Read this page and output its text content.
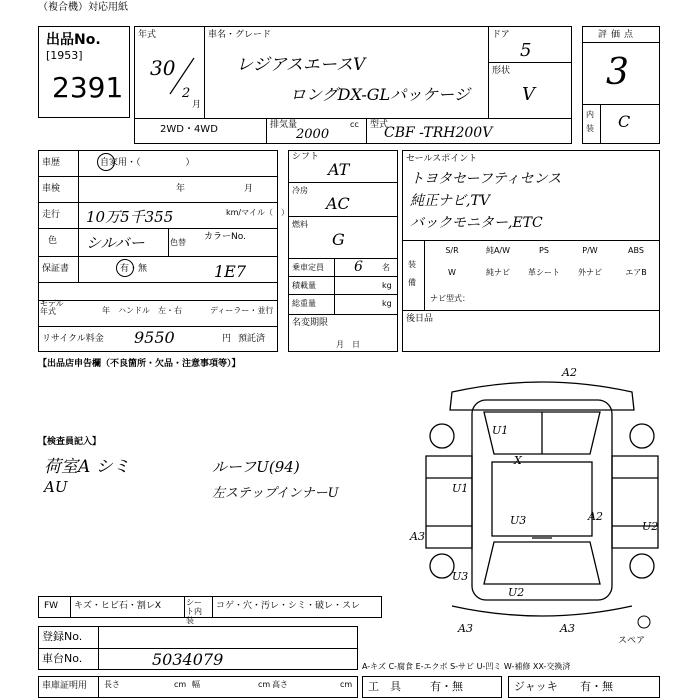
（複合機）対応用紙
出品No.
[1953]
2391
年式
30
2
月
車名・グレード
レジアスエースV
ロングDX-GLパッケージ
ドア
5
形状
V
2WD・4WD	排気量
2000
cc 型式
CBF -TRH200V
評価点
3
内装 C
車歴	自家用・（　　　　　）
車検	年	月
走行 10万5千355	km/マイル（　）
色 シルバー	色替
カラーNo.
1E7
保証書	有・無
モデル年式	年 ハンドル　左・右	ディーラー・並行
リサイクル料金 9550	円 預託済
シフト
AT
冷房
AC
燃料
G
乗車定員 6 名
積載量	kg
総重量	kg
名変期限
月　日
セールスポイント
トヨタセーフティセンス
純正ナビ,TV
バックモニター,ETC
装備
S/R	純A/W	PS	P/W	ABS
W	純ナビ	革シート	外ナビ	エアB
ナビ型式：
後日品
【出品店申告欄（不良箇所・欠品・注意事項等）】
【検査員記入】
荷室A シミ	ルーフU(94)
AU	左ステップインナーU
A2
U1
X
U1
U3	A2
U2
A3
U3
U2
A3	A3
スペア
FW キズ・ヒビ石・割レX	シート内装
コゲ・穴・汚レ・シミ・破レ・スレ
登録No.
車台No.	5034079	A-キズ C-腐食 E-エクボ S-サビ U-凹ミ W-補修 XX-交換済
車庫証明用 長さ	cm 幅	cm 高さ	cm 工　具	有・無	ジャッキ 有・無
